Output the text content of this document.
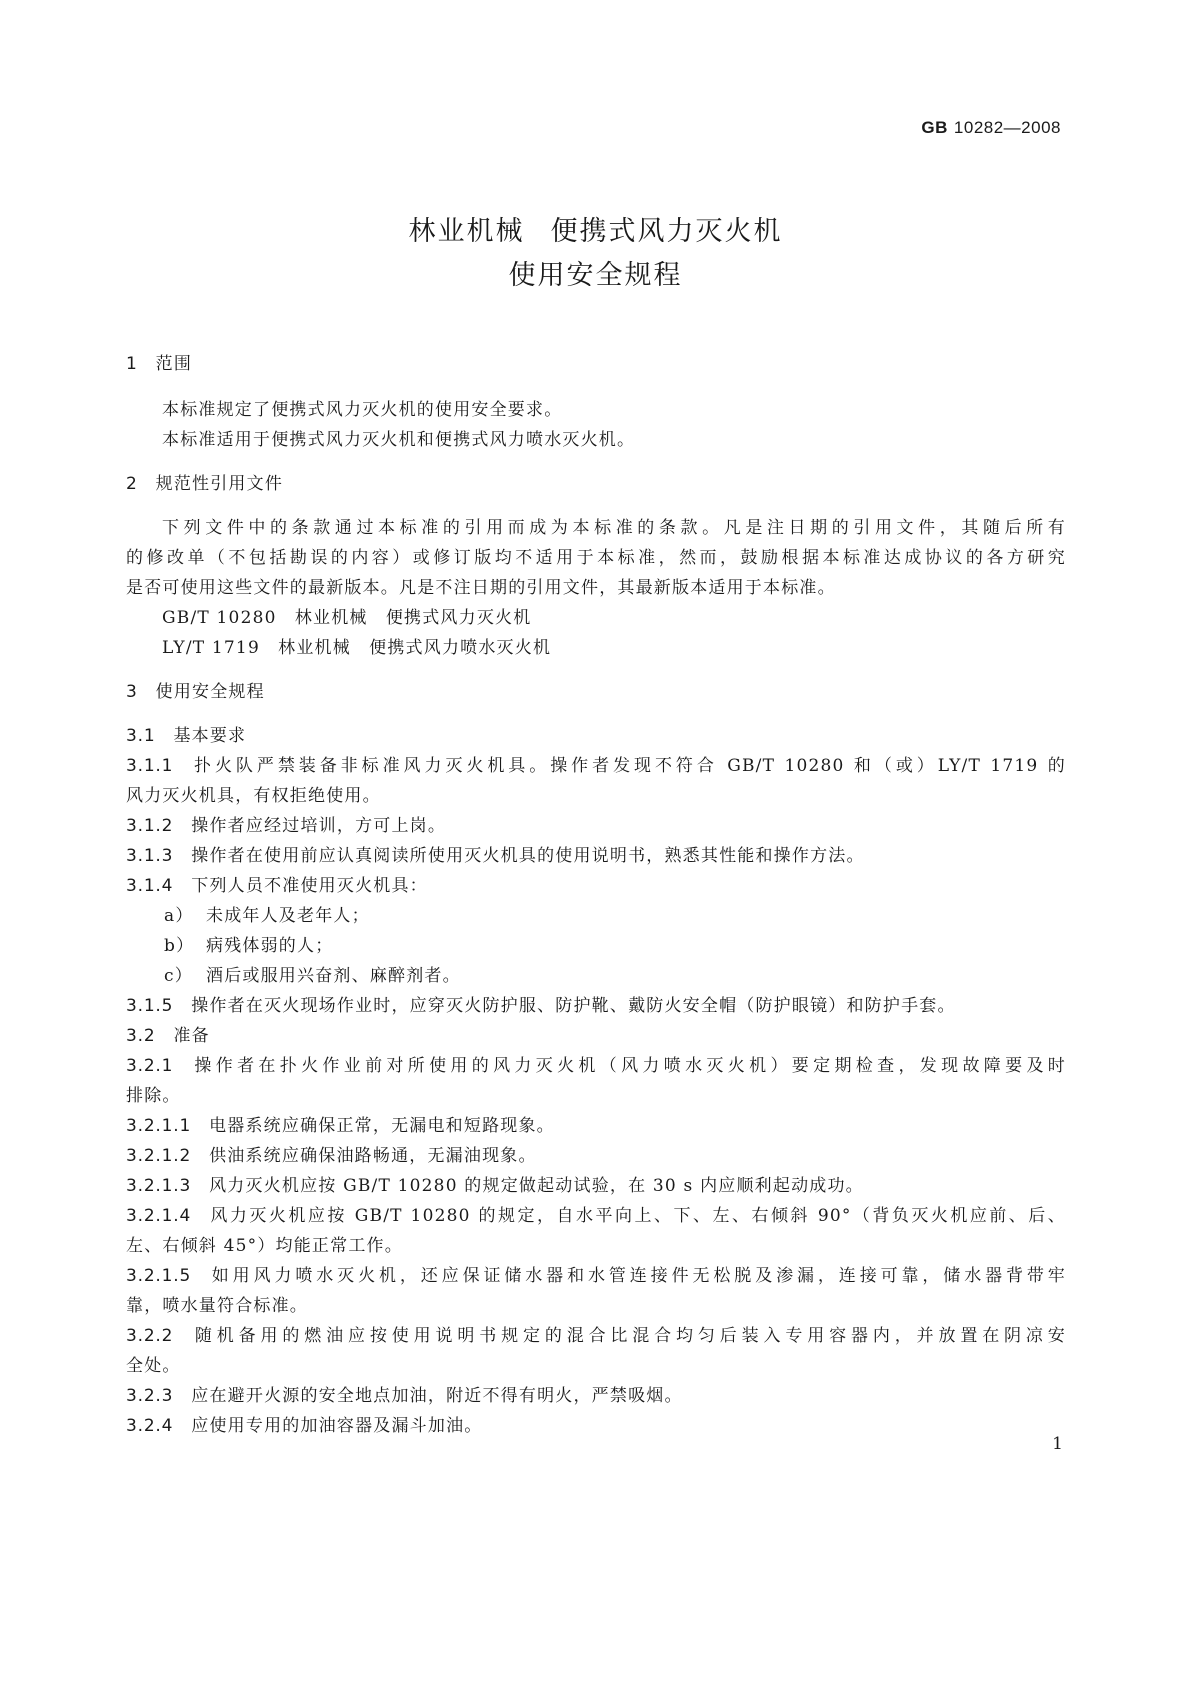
GB 10282—2008
林业机械 便携式风力灭火机
使用安全规程
1 范围
本标准规定了便携式风力灭火机的使用安全要求。
本标准适用于便携式风力灭火机和便携式风力喷水灭火机。
2 规范性引用文件
下列文件中的条款通过本标准的引用而成为本标准的条款。凡是注日期的引用文件，其随后所有
的修改单（不包括勘误的内容）或修订版均不适用于本标准，然而，鼓励根据本标准达成协议的各方研究
是否可使用这些文件的最新版本。凡是不注日期的引用文件，其最新版本适用于本标准。
GB/T 10280　林业机械　便携式风力灭火机
LY/T 1719　林业机械　便携式风力喷水灭火机
3 使用安全规程
3.1 基本要求
3.1.1 扑火队严禁装备非标准风力灭火机具。操作者发现不符合 GB/T 10280 和（或）LY/T 1719 的
风力灭火机具，有权拒绝使用。
3.1.2 操作者应经过培训，方可上岗。
3.1.3 操作者在使用前应认真阅读所使用灭火机具的使用说明书，熟悉其性能和操作方法。
3.1.4 下列人员不准使用灭火机具：
a） 未成年人及老年人；
b） 病残体弱的人；
c） 酒后或服用兴奋剂、麻醉剂者。
3.1.5 操作者在灭火现场作业时，应穿灭火防护服、防护靴、戴防火安全帽（防护眼镜）和防护手套。
3.2 准备
3.2.1 操作者在扑火作业前对所使用的风力灭火机（风力喷水灭火机）要定期检查，发现故障要及时
排除。
3.2.1.1 电器系统应确保正常，无漏电和短路现象。
3.2.1.2 供油系统应确保油路畅通，无漏油现象。
3.2.1.3 风力灭火机应按 GB/T 10280 的规定做起动试验，在 30 s 内应顺利起动成功。
3.2.1.4 风力灭火机应按 GB/T 10280 的规定，自水平向上、下、左、右倾斜 90°（背负灭火机应前、后、
左、右倾斜 45°）均能正常工作。
3.2.1.5 如用风力喷水灭火机，还应保证储水器和水管连接件无松脱及渗漏，连接可靠，储水器背带牢
靠，喷水量符合标准。
3.2.2 随机备用的燃油应按使用说明书规定的混合比混合均匀后装入专用容器内，并放置在阴凉安
全处。
3.2.3 应在避开火源的安全地点加油，附近不得有明火，严禁吸烟。
3.2.4 应使用专用的加油容器及漏斗加油。
1
